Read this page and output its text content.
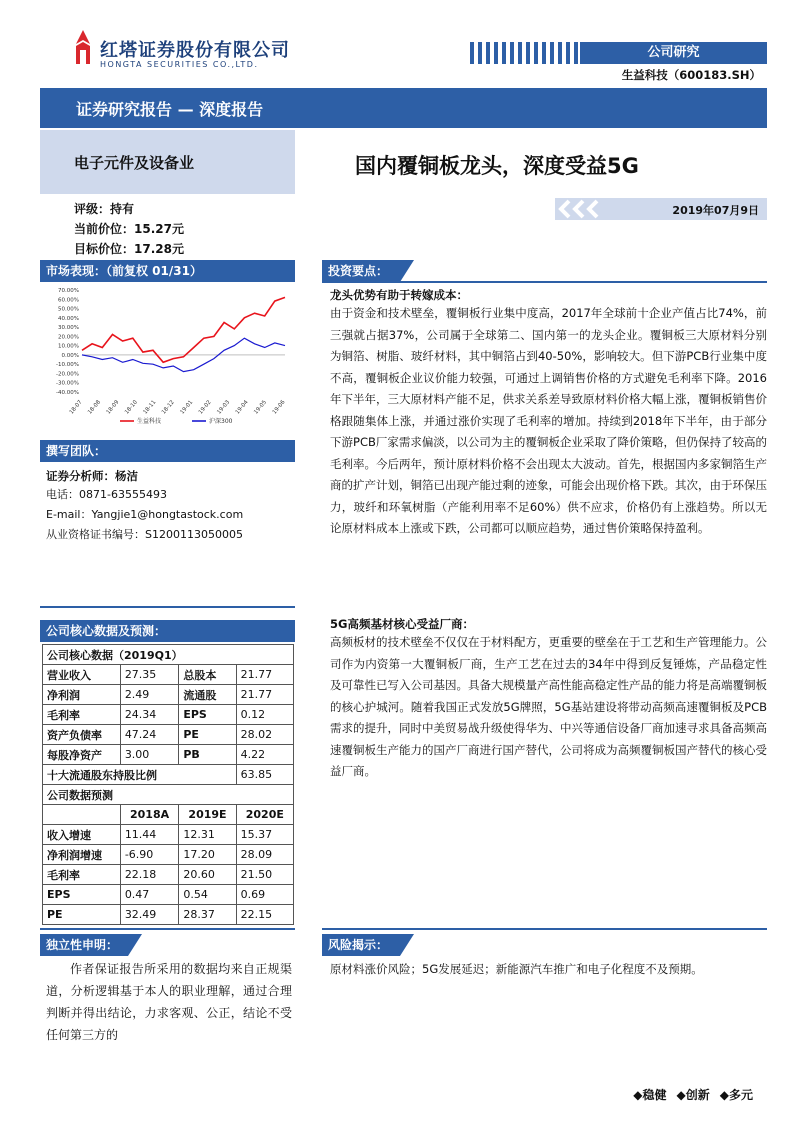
红塔证券股份有限公司
HONGTA SECURITIES CO.,LTD.
公司研究
生益科技（600183.SH）
证券研究报告 — 深度报告
电子元件及设备业	国内覆铜板龙头，深度受益5G
2019年07月9日
评级：持有
当前价位：15.27元
目标价位：17.28元
市场表现：（前复权 01/31）
70.00%
60.00%
50.00%
40.00%
30.00%
20.00%
10.00%
0.00%
-10.00%
-20.00%
-30.00%
-40.00%
18-07 18-08 18-09 18-10 18-11 18-12 19-01 19-02 19-03 19-04 19-05 19-06
生益科技	沪深300
撰写团队：
证券分析师：杨洁
电话：0871-63555493
E-mail：Yangjie1@hongtastock.com
从业资格证书编号：S1200113050005
公司核心数据及预测：
公司核心数据（2019Q1）			
营业收入	27.35	总股本	21.77
净利润	2.49	流通股	21.77
毛利率	24.34	EPS	0.12
资产负债率	47.24	PE	28.02
每股净资产	3.00	PB	4.22
十大流通股东持股比例			63.85
公司数据预测			
	2018A	2019E	2020E
收入增速	11.44	12.31	15.37
净利润增速	-6.90	17.20	28.09
毛利率	22.18	20.60	21.50
EPS	0.47	0.54	0.69
PE	32.49	28.37	22.15
投资要点：
龙头优势有助于转嫁成本：
由于资金和技术壁垒，覆铜板行业集中度高，2017年全球前十企业产值占比74%，前三强就占据37%，公司属于全球第二、国内第一的龙头企业。覆铜板三大原材料分别为铜箔、树脂、玻纤材料，其中铜箔占到40-50%，影响较大。但下游PCB行业集中度不高，覆铜板企业议价能力较强，可通过上调销售价格的方式避免毛利率下降。2016年下半年，三大原材料产能不足，供求关系差导致原材料价格大幅上涨，覆铜板销售价格跟随集体上涨，并通过涨价实现了毛利率的增加。持续到2018年下半年，由于部分下游PCB厂家需求偏淡，以公司为主的覆铜板企业采取了降价策略，但仍保持了较高的毛利率。今后两年，预计原材料价格不会出现太大波动。首先，根据国内多家铜箔生产商的扩产计划，铜箔已出现产能过剩的迹象，可能会出现价格下跌。其次，由于环保压力，玻纤和环氧树脂（产能利用率不足60%）供不应求，价格仍有上涨趋势。所以无论原材料成本上涨或下跌，公司都可以顺应趋势，通过售价策略保持盈利。
5G高频基材核心受益厂商：
高频板材的技术壁垒不仅仅在于材料配方，更重要的壁垒在于工艺和生产管理能力。公司作为内资第一大覆铜板厂商，生产工艺在过去的34年中得到反复锤炼，产品稳定性及可靠性已写入公司基因。具备大规模量产高性能高稳定性产品的能力将是高端覆铜板的核心护城河。随着我国正式发放5G牌照，5G基站建设将带动高频高速覆铜板及PCB需求的提升，同时中美贸易战升级使得华为、中兴等通信设备厂商加速寻求具备高频高速覆铜板生产能力的国产厂商进行国产替代，公司将成为高频覆铜板国产替代的核心受益厂商。
独立性申明：
作者保证报告所采用的数据均来自正规渠道，分析逻辑基于本人的职业理解，通过合理判断并得出结论，力求客观、公正，结论不受任何第三方的
风险揭示：
原材料涨价风险；5G发展延迟；新能源汽车推广和电子化程度不及预期。
◆稳健 ◆创新 ◆多元
